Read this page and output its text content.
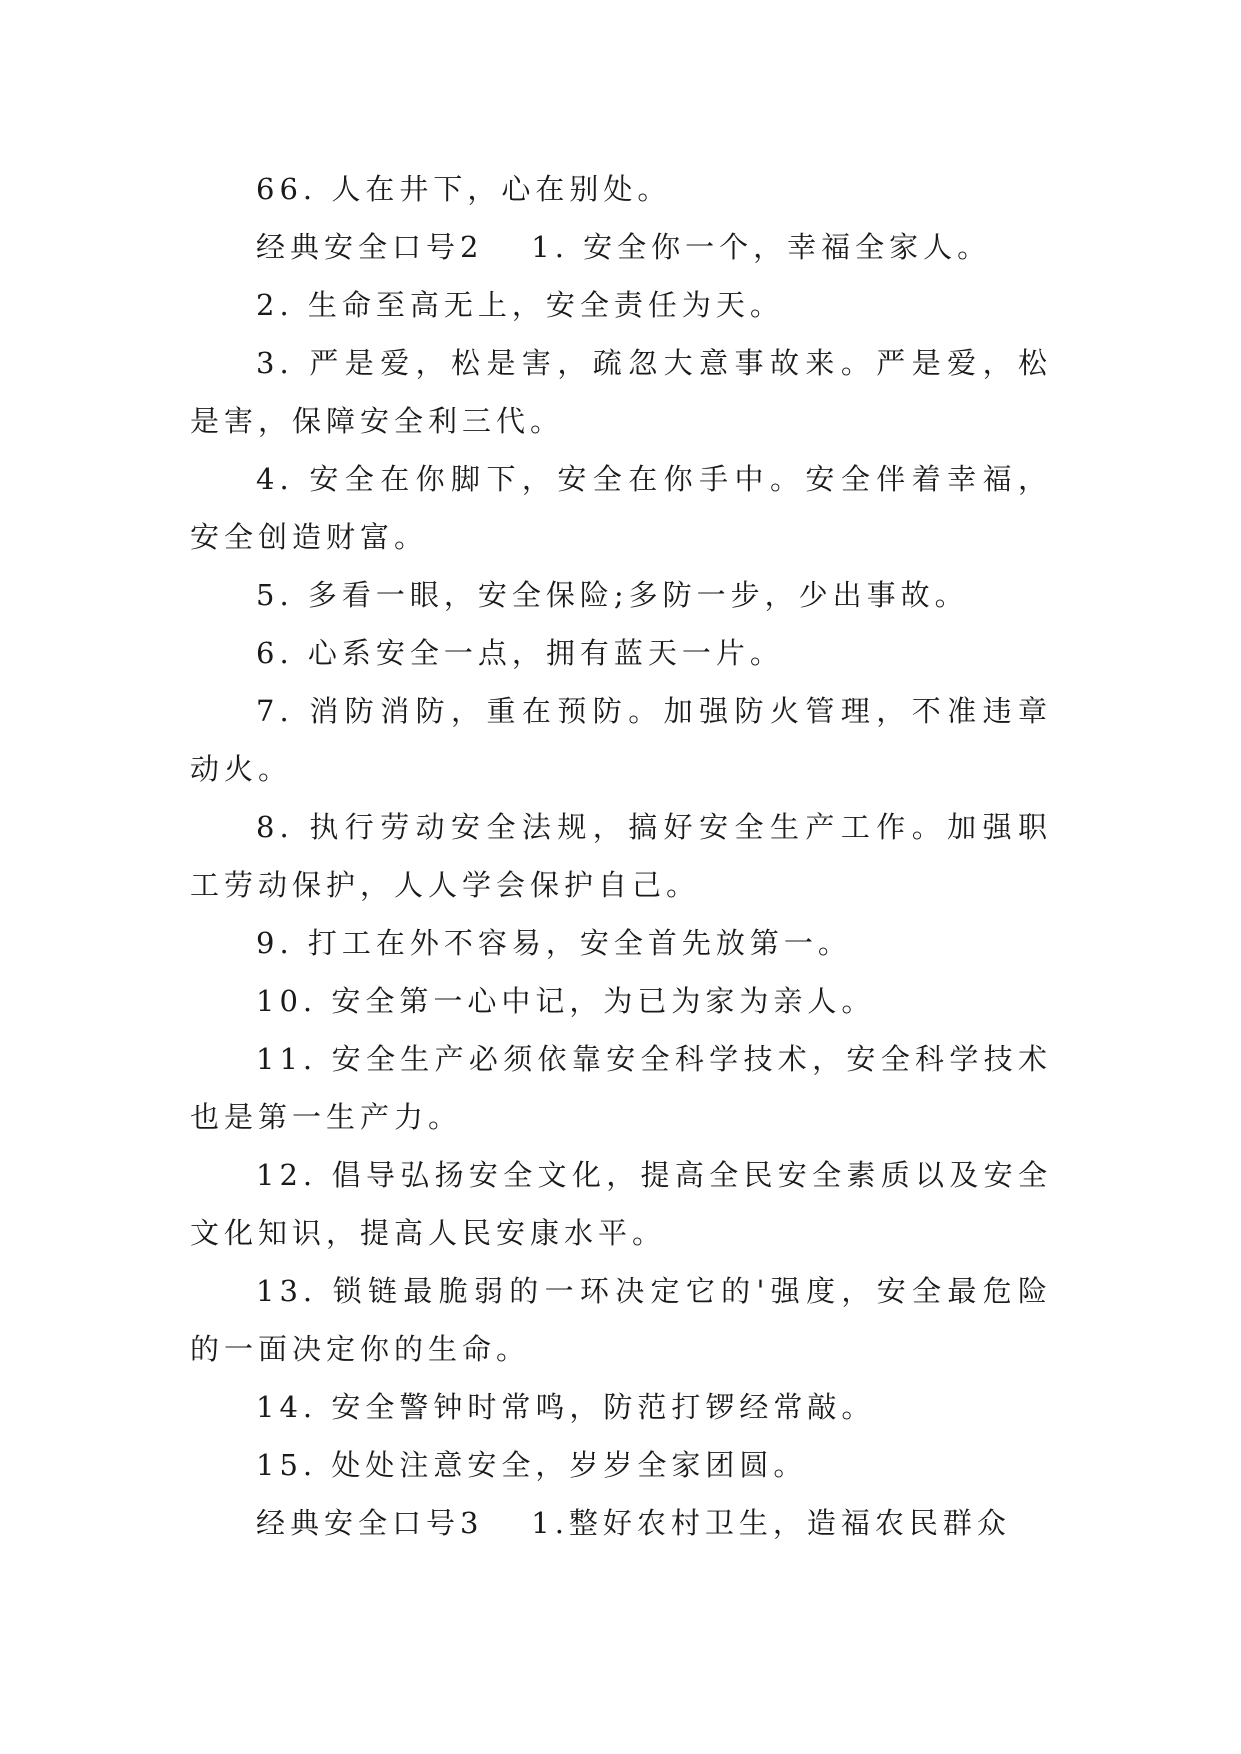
66. 人在井下，心在别处。

经典安全口号2	1. 安全你一个，幸福全家人。

2. 生命至高无上，安全责任为天。

3. 严是爱，松是害，疏忽大意事故来。严是爱，松是害，保障安全利三代。

4. 安全在你脚下，安全在你手中。安全伴着幸福，安全创造财富。

5. 多看一眼，安全保险;多防一步，少出事故。

6. 心系安全一点，拥有蓝天一片。

7. 消防消防，重在预防。加强防火管理，不准违章动火。

8. 执行劳动安全法规，搞好安全生产工作。加强职工劳动保护，人人学会保护自己。

9. 打工在外不容易，安全首先放第一。

10. 安全第一心中记，为已为家为亲人。

11. 安全生产必须依靠安全科学技术，安全科学技术也是第一生产力。

12. 倡导弘扬安全文化，提高全民安全素质以及安全文化知识，提高人民安康水平。

13. 锁链最脆弱的一环决定它的'强度，安全最危险的一面决定你的生命。

14. 安全警钟时常鸣，防范打锣经常敲。

15. 处处注意安全，岁岁全家团圆。

经典安全口号3	1.整好农村卫生，造福农民群众
